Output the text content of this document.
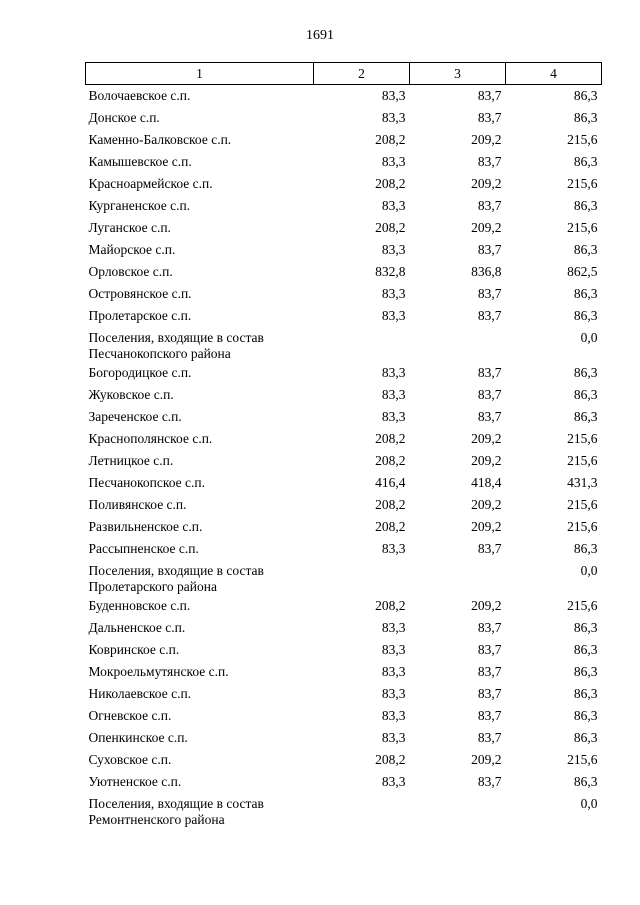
1691
1	2	3	4
Волочаевское с.п.	83,3	83,7	86,3
Донское с.п.	83,3	83,7	86,3
Каменно-Балковское с.п.	208,2	209,2	215,6
Камышевское с.п.	83,3	83,7	86,3
Красноармейское с.п.	208,2	209,2	215,6
Курганенское с.п.	83,3	83,7	86,3
Луганское с.п.	208,2	209,2	215,6
Майорское с.п.	83,3	83,7	86,3
Орловское с.п.	832,8	836,8	862,5
Островянское с.п.	83,3	83,7	86,3
Пролетарское с.п.	83,3	83,7	86,3
Поселения, входящие в состав Песчанокопского района			0,0
Богородицкое с.п.	83,3	83,7	86,3
Жуковское с.п.	83,3	83,7	86,3
Зареченское с.п.	83,3	83,7	86,3
Краснополянское с.п.	208,2	209,2	215,6
Летницкое с.п.	208,2	209,2	215,6
Песчанокопское с.п.	416,4	418,4	431,3
Поливянское с.п.	208,2	209,2	215,6
Развильненское с.п.	208,2	209,2	215,6
Рассыпненское с.п.	83,3	83,7	86,3
Поселения, входящие в состав Пролетарского района			0,0
Буденновское с.п.	208,2	209,2	215,6
Дальненское с.п.	83,3	83,7	86,3
Ковринское с.п.	83,3	83,7	86,3
Мокроельмутянское с.п.	83,3	83,7	86,3
Николаевское с.п.	83,3	83,7	86,3
Огневское с.п.	83,3	83,7	86,3
Опенкинское с.п.	83,3	83,7	86,3
Суховское с.п.	208,2	209,2	215,6
Уютненское с.п.	83,3	83,7	86,3
Поселения, входящие в состав Ремонтненского района			0,0
